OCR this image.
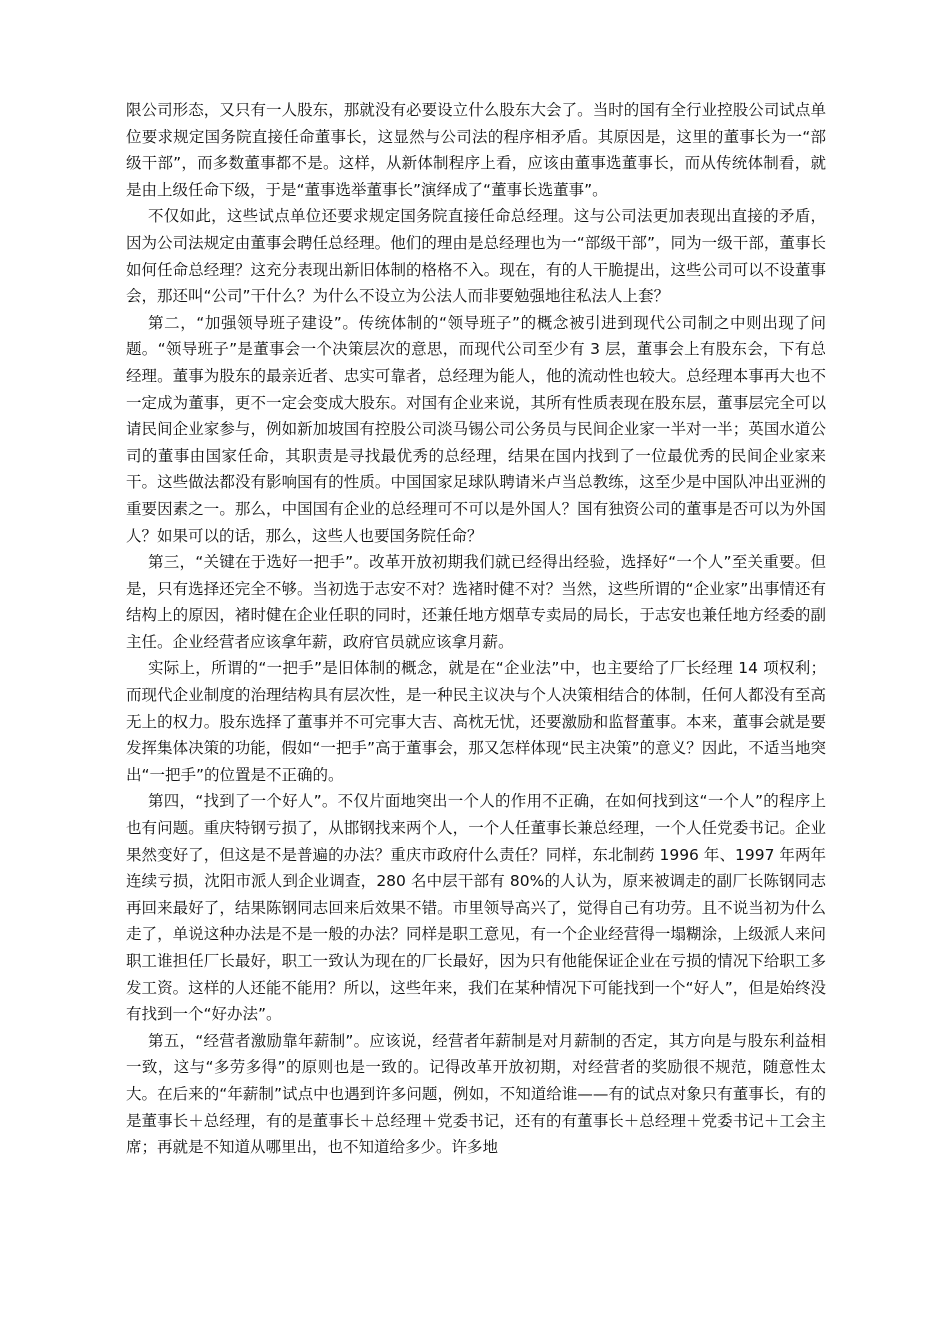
限公司形态，又只有一人股东，那就没有必要设立什么股东大会了。当时的国有全行业控股公司试点单位要求规定国务院直接任命董事长，这显然与公司法的程序相矛盾。其原因是，这里的董事长为一“部级干部”，而多数董事都不是。这样，从新体制程序上看，应该由董事选董事长，而从传统体制看，就是由上级任命下级，于是“董事选举董事长”演绎成了“董事长选董事”。

不仅如此，这些试点单位还要求规定国务院直接任命总经理。这与公司法更加表现出直接的矛盾，因为公司法规定由董事会聘任总经理。他们的理由是总经理也为一“部级干部”，同为一级干部，董事长如何任命总经理？这充分表现出新旧体制的格格不入。现在，有的人干脆提出，这些公司可以不设董事会，那还叫“公司”干什么？为什么不设立为公法人而非要勉强地往私法人上套？

第二，“加强领导班子建设”。传统体制的“领导班子”的概念被引进到现代公司制之中则出现了问题。“领导班子”是董事会一个决策层次的意思，而现代公司至少有 3 层，董事会上有股东会，下有总经理。董事为股东的最亲近者、忠实可靠者，总经理为能人，他的流动性也较大。总经理本事再大也不一定成为董事，更不一定会变成大股东。对国有企业来说，其所有性质表现在股东层，董事层完全可以请民间企业家参与，例如新加坡国有控股公司淡马锡公司公务员与民间企业家一半对一半；英国水道公司的董事由国家任命，其职责是寻找最优秀的总经理，结果在国内找到了一位最优秀的民间企业家来干。这些做法都没有影响国有的性质。中国国家足球队聘请米卢当总教练，这至少是中国队冲出亚洲的重要因素之一。那么，中国国有企业的总经理可不可以是外国人？国有独资公司的董事是否可以为外国人？如果可以的话，那么，这些人也要国务院任命？

第三，“关键在于选好一把手”。改革开放初期我们就已经得出经验，选择好“一个人”至关重要。但是，只有选择还完全不够。当初选于志安不对？选褚时健不对？当然，这些所谓的“企业家”出事情还有结构上的原因，褚时健在企业任职的同时，还兼任地方烟草专卖局的局长，于志安也兼任地方经委的副主任。企业经营者应该拿年薪，政府官员就应该拿月薪。

实际上，所谓的“一把手”是旧体制的概念，就是在“企业法”中，也主要给了厂长经理 14 项权利；而现代企业制度的治理结构具有层次性，是一种民主议决与个人决策相结合的体制，任何人都没有至高无上的权力。股东选择了董事并不可完事大吉、高枕无忧，还要激励和监督董事。本来，董事会就是要发挥集体决策的功能，假如“一把手”高于董事会，那又怎样体现“民主决策”的意义？因此，不适当地突出“一把手”的位置是不正确的。

第四，“找到了一个好人”。不仅片面地突出一个人的作用不正确，在如何找到这“一个人”的程序上也有问题。重庆特钢亏损了，从邯钢找来两个人，一个人任董事长兼总经理，一个人任党委书记。企业果然变好了，但这是不是普遍的办法？重庆市政府什么责任？同样，东北制药 1996 年、1997 年两年连续亏损，沈阳市派人到企业调查，280 名中层干部有 80%的人认为，原来被调走的副厂长陈钢同志再回来最好了，结果陈钢同志回来后效果不错。市里领导高兴了，觉得自己有功劳。且不说当初为什么走了，单说这种办法是不是一般的办法？同样是职工意见，有一个企业经营得一塌糊涂，上级派人来问职工谁担任厂长最好，职工一致认为现在的厂长最好，因为只有他能保证企业在亏损的情况下给职工多发工资。这样的人还能不能用？所以，这些年来，我们在某种情况下可能找到一个“好人”，但是始终没有找到一个“好办法”。

第五，“经营者激励靠年薪制”。应该说，经营者年薪制是对月薪制的否定，其方向是与股东利益相一致，这与“多劳多得”的原则也是一致的。记得改革开放初期，对经营者的奖励很不规范，随意性太大。在后来的“年薪制”试点中也遇到许多问题，例如，不知道给谁——有的试点对象只有董事长，有的是董事长＋总经理，有的是董事长＋总经理＋党委书记，还有的有董事长＋总经理＋党委书记＋工会主席；再就是不知道从哪里出，也不知道给多少。许多地
